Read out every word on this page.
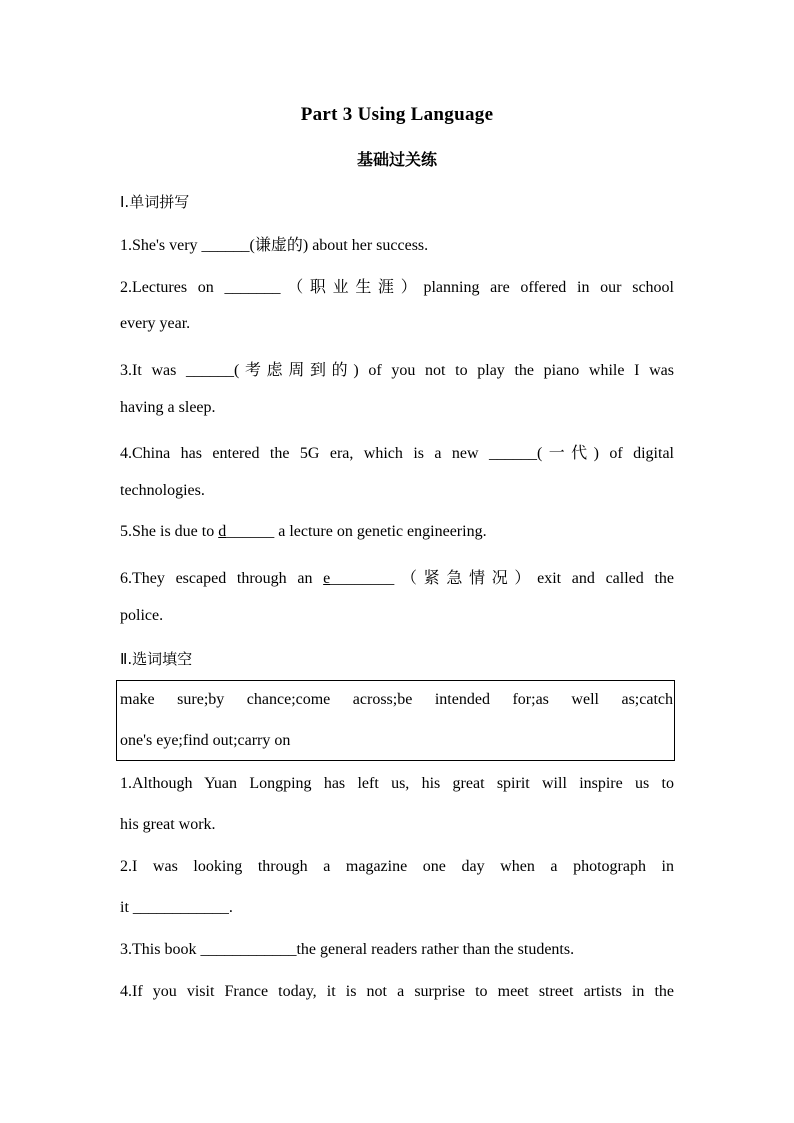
Part 3 Using Language
基础过关练
Ⅰ.单词拼写
1.She's very ______(谦虚的) about her success.
2.Lectures on _______（职业生涯）planning are offered in our school
every year.
3.It was ______(考虑周到的) of you not to play the piano while I was
having a sleep.
4.China has entered the 5G era, which is a new ______(一代) of digital
technologies.
5.She is due to d______ a lecture on genetic engineering.
6.They escaped through an e________（紧急情况）exit and called the
police.
Ⅱ.选词填空
make sure;by chance;come across;be intended for;as well as;catch
one's eye;find out;carry on
1.Although Yuan Longping has left us, his great spirit will inspire us to
his great work.
2.I was looking through a magazine one day when a photograph in
it ____________.
3.This book ____________the general readers rather than the students.
4.If you visit France today, it is not a surprise to meet street artists in the
